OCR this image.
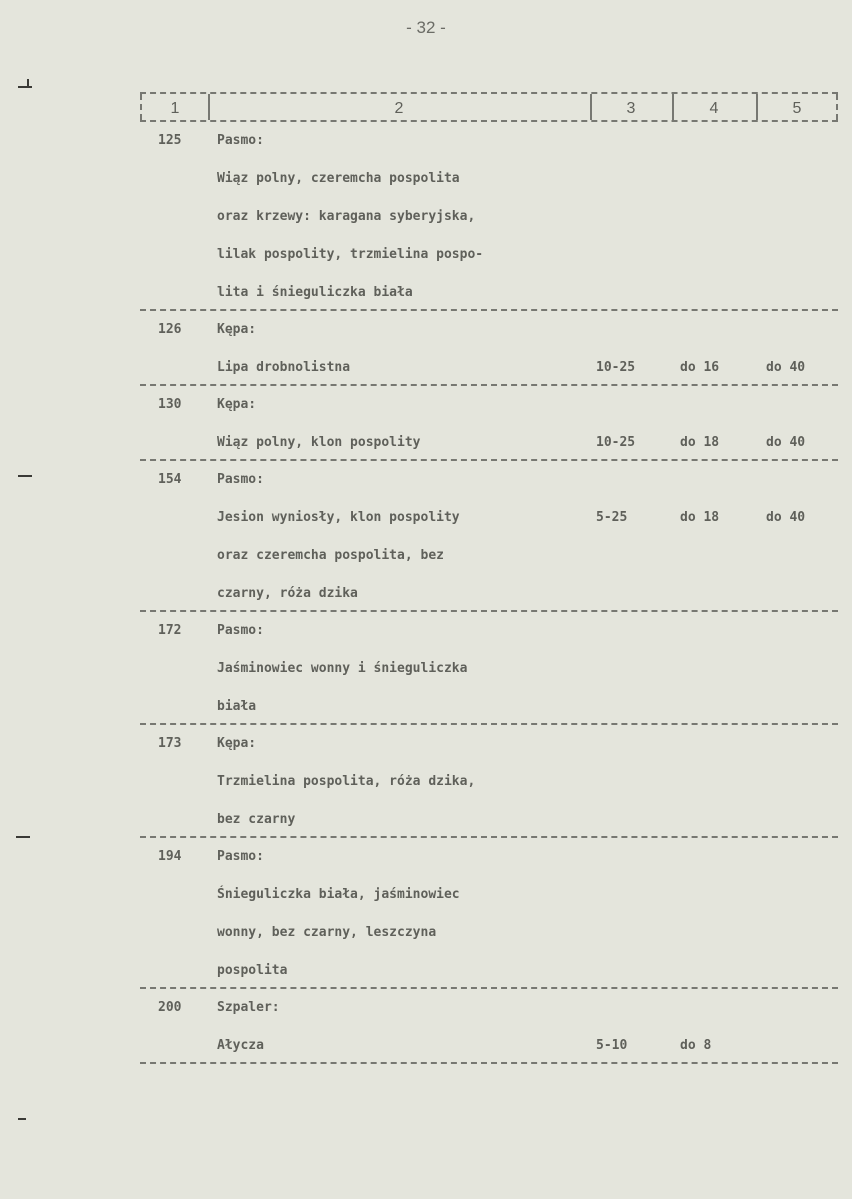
- 32 -
1	2	3	4	5
125	Pasmo:
Wiąz polny, czeremcha pospolita
oraz krzewy: karagana syberyjska,
lilak pospolity, trzmielina pospo-
lita i śnieguliczka biała
126	Kępa:
Lipa drobnolistna	10-25	do 16	do 40
130	Kępa:
Wiąz polny, klon pospolity	10-25	do 18	do 40
154	Pasmo:
Jesion wyniosły, klon pospolity	5-25	do 18	do 40
oraz czeremcha pospolita, bez
czarny, róża dzika
172	Pasmo:
Jaśminowiec wonny i śnieguliczka
biała
173	Kępa:
Trzmielina pospolita, róża dzika,
bez czarny
194	Pasmo:
Śnieguliczka biała, jaśminowiec
wonny, bez czarny, leszczyna
pospolita
200	Szpaler:
Ałycza	5-10	do 8
